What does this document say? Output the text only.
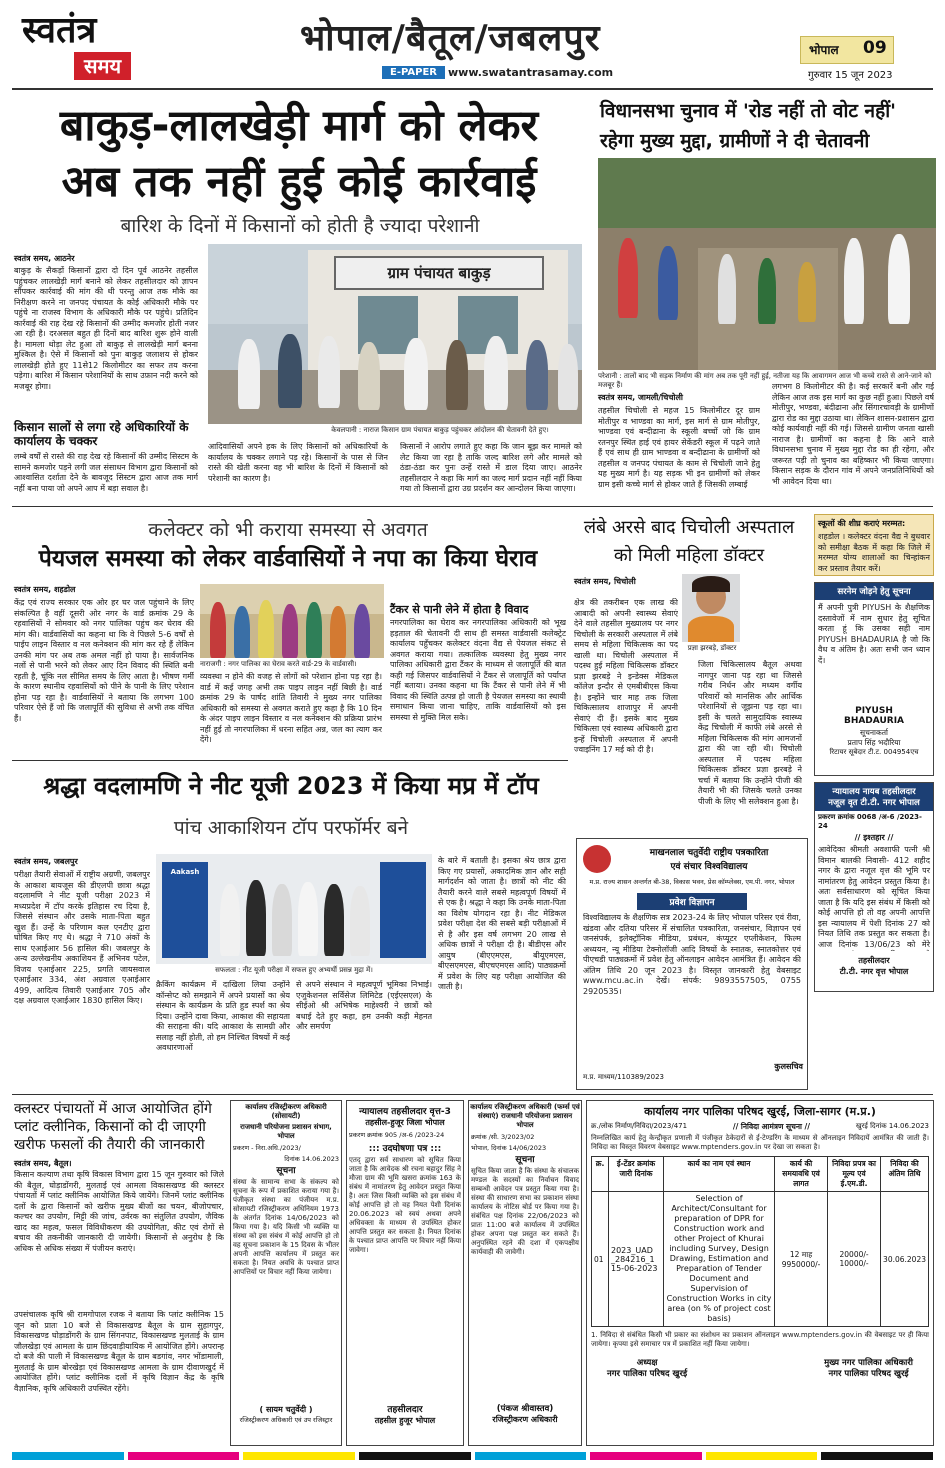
स्वतंत्र
समय
भोपाल/बैतूल/जबलपुर
E-PAPER	www.swatantrasamay.com
भोपाल 09
गुरुवार 15 जून 2023
बाकुड़-लालखेड़ी मार्ग को लेकर
अब तक नहीं हुई कोई कार्रवाई
बारिश के दिनों में किसानों को होती है ज्यादा परेशानी
स्वतंत्र समय, आठनेर
बाकुड़ के सैकड़ों किसानों द्वारा दो दिन पूर्व आठनेर तहसील पहुंचकर लालखेड़ी मार्ग बनाने को लेकर तहसीलदार को ज्ञापन सौंपकर कार्रवाई की मांग की थी परन्तु आज तक मौके का निरीक्षण करने ना जनपद पंचायत के कोई अधिकारी मौके पर पहुंचे ना राजस्व विभाग के अधिकारी मौके पर पहुंचे। प्रतिदिन कार्रवाई की राह देख रहे किसानों की उम्मीद कमजोर होती नजर आ रही है। दरअसल बहुत ही दिनों बाद बारिश शुरू होने वाली है। मामला थोड़ा लेट हुआ तो बाकुड़ से लालखेड़ी मार्ग बनना मुश्किल है। ऐसे में किसानों को पुनः बाकुड़ जलाशय से होकर लालखेड़ी होते हुए 11से12 किलोमीटर का सफर तय करना पड़ेगा। बारिश में किसान परेशानियों के साथ उफ़ान नदी करने को मजबूर होगा।
किसान सालों से लगा रहे अधिकारियों के कार्यालय के चक्कर
लम्बे वर्षों से रास्ते की राह देख रहे किसानों की उम्मीद सिस्टम के सामने कमजोर पड़ने लगी जल संसाधन विभाग द्वारा किसानों को आश्वासित दर्शाता देने के बावजूद सिस्टम द्वारा आज तक मार्ग नहीं बना पाया जो अपने आप में बड़ा सवाल है।
ग्राम पंचायत बाकुड़
केवलपानी : नाराज किसान ग्राम पंचायत बाकुड़ पहुंचकर आंदोलन की चेतावनी देते हुए।
आदिवासियों अपने हक के लिए किसानों को अधिकारियों के कार्यालय के चक्कर लगाने पड़ रहे। किसानों के पास से जिन रास्ते की खेती करना वह भी बारिश के दिनों में किसानों को परेशानी का कारण है।
किसानों ने आरोप लगाते हुए कहा कि जान बूझ कर मामले को लेट किया जा रहा है ताकि जल्द बारिश लगे और मामले को ठंडा-ठंडा कर पुनः उन्हें रास्ते में डाल दिया जाए। आठनेर तहसीलदार ने कहा कि मार्ग का जल्द मार्ग प्रदान नहीं नहीं किया गया तो किसानों द्वारा उग्र प्रदर्शन कर आन्दोलन किया जाएगा।
विधानसभा चुनाव में 'रोड नहीं तो वोट नहीं'
रहेगा मुख्य मुद्दा, ग्रामीणों ने दी चेतावनी
परेशानी : तालों बाद भी सड़क निर्माण की मांग अब तक पूरी नहीं हुई, नतीजा यह कि आवागमन आज भी कच्चे रास्ते से आने-जाने को मजबूर हैं।
स्वतंत्र समय, जामली/चिचोली
तहसील चिचोली से महज 15 किलोमीटर दूर ग्राम मोतीपुर व भाण्डवा का मार्ग, इस मार्ग से ग्राम मोतीपुर, भाण्डवा एवं बन्दीढाना के स्कूली बच्चों जो कि ग्राम रतनपुर स्थित हाई एवं हायर सेकेंडरी स्कूल में पढ़ने जाते हैं एवं साथ ही ग्राम भाण्डवा व बन्दीढाना के ग्रामीणों को तहसील व जनपद पंचायत के काम से चिचोली जाने हेतु यह मुख्य मार्ग है। यह सड़क भी इन ग्रामीणों को लेकर ग्राम इसी कच्चे मार्ग से होकर जाते हैं जिसकी लम्बाई
लगभग 8 किलोमीटर की है। कई सरकारें बनी और गई लेकिन आज तक इस मार्ग का कुछ नहीं हुआ। पिछले वर्ष मोतीपुर, भण्डवा, बंदीढाना और सिंगारचावड़ी के ग्रामीणों द्वारा रोड का मुद्दा उठाया था। लेकिन शासन-प्रशासन द्वारा कोई कार्यवाही नहीं की गई। जिससे ग्रामीण जनता खासी नाराज है। ग्रामीणों का कहना है कि आने वाले विधानसभा चुनाव में मुख्य मुद्दा रोड का ही रहेगा, और जरूरत पड़ी तो चुनाव का बहिष्कार भी किया जाएगा। किसान सड़क के दौरान गांव में अपने जनप्रतिनिधियों को भी आवेदन दिया था।
कलेक्टर को भी कराया समस्या से अवगत
पेयजल समस्या को लेकर वार्डवासियों ने नपा का किया घेराव
स्वतंत्र समय, शहडोल
केंद्र एवं राज्य सरकार एक ओर हर घर जल पहुंचाने के लिए संकल्पित है वहीं दूसरी ओर नगर के वार्ड क्रमांक 29 के रहवासियों ने सोमवार को नगर पालिका पहुंच कर घेराव की मांग की। वार्डवासियों का कहना था कि वे पिछले 5-6 वर्षों से पाईप लाइन विस्तार व नल कनेक्शन की मांग कर रहे हैं लेकिन उनकी मांग पर अब तक अमल नहीं हो पाया है। सार्वजनिक नलों से पानी भरने को लेकर आए दिन विवाद की स्थिति बनी रहती है, चूंकि नल सीमित समय के लिए आता है। भीषण गर्मी के कारण स्थानीय रहवासियों को पीने के पानी के लिए परेशान होना पड़ रहा है। वार्डवासियों ने बताया कि लगभग 100 परिवार ऐसे हैं जो कि जलापूर्ति की सुविधा से अभी तक वंचित हैं।
नाराजगी : नगर पालिका का घेराव करते वार्ड-29 के वार्डवासी।
व्यवस्था न होने की वजह से लोगों को परेशान होना पड़ रहा है। वार्ड में कई जगह अभी तक पाइप लाइन नहीं बिछी है। वार्ड क्रमांक 29 के पार्षद शांति तिवारी ने मुख्य नगर पालिका अधिकारी को समस्या से अवगत कराते हुए कहा है कि 10 दिन के अंदर पाइप लाइन विस्तार व नल कनेक्शन की प्रक्रिया प्रारंभ नहीं हुई तो नगरपालिका में धरना सहित अन्न, जल का त्याग कर देंगे।
टैंकर से पानी लेने में होता है विवाद
नगरपालिका का घेराव कर नगरपालिका अधिकारी को भूख हड़ताल की चेतावनी दी साथ ही समस्त वार्डवासी कलेक्ट्रेट कार्यालय पहुँचकर कलेक्टर वंदना वैद्य से पेयजल संकट से अवगत कराया गया। तत्कालिक व्यवस्था हेतु मुख्य नगर पालिका अधिकारी द्वारा टैंकर के माध्यम से जलापूर्ति की बात कही गई जिसपर वार्डवासियों ने टैंकर से जलापूर्ति को पर्याप्त नहीं बताया। उनका कहना था कि टैंकर से पानी लेने में भी विवाद की स्थिति उत्पन्न हो जाती है पेयजल समस्या का स्थायी समाधान किया जाना चाहिए, ताकि वार्डवासियों को इस समस्या से मुक्ति मिल सके।
लंबे अरसे बाद चिचोली अस्पताल
को मिली महिला डॉक्टर
स्वतंत्र समय, चिचोली
प्रज्ञा झरबड़े, डॉक्टर
क्षेत्र की तकरीबन एक लाख की आबादी को अपनी स्वास्थ्य सेवाएं देने वाले तहसील मुख्यालय पर नगर चिचोली के सरकारी अस्पताल में लंबे समय से महिला चिकित्सक का पद खाली था। चिचोली अस्पताल में पदस्थ हुई महिला चिकित्सक डॉक्टर प्रज्ञा झरबड़े ने इन्डेक्स मेडिकल कॉलेज इन्दौर से एमबीबीएस किया है। इन्होंने चार माह तक जिला चिकित्सालय शाजापुर में अपनी सेवाएं दी हैं। इसके बाद मुख्य चिकित्सा एवं स्वास्थ्य अधिकारी द्वारा इन्हें चिचोली अस्पताल में अपनी ज्वाइनिंग 17 मई को दी है।
जिला चिकित्सालय बैतूल अथवा नागपुर जाना पड़ रहा था जिससे गरीब निर्धन और मध्यम वर्गीय परिवारों को मानसिक और आर्थिक परेशानियों से जूझना पड़ रहा था। इसी के चलते सामुदायिक स्वास्थ्य केंद्र चिचोली में काफी लंबे अरसे से महिला चिकित्सक की मांग आमजनों द्वारा की जा रही थी। चिचोली अस्पताल में पदस्थ महिला चिकित्सक डॉक्टर प्रज्ञा झरबड़े ने चर्चा में बताया कि उन्होंने पीजी की तैयारी भी की जिसके चलते उनका पीजी के लिए भी सलेक्शन हुआ है।
स्कूलों की शीघ्र कराएं मरम्मत:
शहडोल । कलेक्टर वंदना वैद्य ने बुधवार को समीक्षा बैठक में कहा कि जिले में मरम्मत योग्य शालाओं का चिन्हांकन कर प्रस्ताव तैयार करें।
सरनेम जोड़ने हेतु सूचना
मैं अपनी पुत्री PIYUSH के शैक्षणिक दस्तावेजों में नाम सुधार हेतु सूचित करता हूं कि उसका सही नाम PIYUSH BHADAURIA है जो कि वैध व अंतिम है। अतः सभी जन ध्यान दें।
PIYUSH
BHADAURIA
सूचनाकर्ता
प्रताप सिंह भदौरिया
रिटायर सूबेदार टी.ट. 004954एच
न्यायालय नायब तहसीलदार
नजूल वृत टी.टी. नगर भोपाल
प्रकरण क्रमांक 0068 /अ-6 /2023-24
// इश्तहार //
आवेदिका श्रीमती अवशाफी पत्नी श्री विमान बालकी निवासी- 412 शहीद नगर के द्वारा नजूल वृत्त की भूमि पर नामांतरण हेतु आवेदन प्रस्तुत किया है। अतः सर्वसाधारण को सूचित किया जाता है कि यदि इस संबंध में किसी को कोई आपत्ति हो तो वह अपनी आपत्ति इस न्यायालय में पेशी दिनांक 27 को नियत तिथि तक प्रस्तुत कर सकता है। आज दिनांक 13/06/23 को मेरे
तहसीलदार
टी.टी. नगर वृत्त भोपाल
श्रद्धा वदलामणि ने नीट यूजी 2023 में किया मप्र में टॉप
पांच आकाशियन टॉप परफॉर्मर बने
स्वतंत्र समय, जबलपुर
परीक्षा तैयारी सेवाओं में राष्ट्रीय अग्रणी, जबलपुर के आकाश बायजूस की डीएलपी छात्रा श्रद्धा वदलामणि ने नीट यूजी परीक्षा 2023 में मध्यप्रदेश में टॉप करके इतिहास रच दिया है, जिससे संस्थान और उसके माता-पिता बहुत खुश हैं। उन्हें के परिणाम कल एनटीए द्वारा घोषित किए गए थे। श्रद्धा ने 710 अंकों के साथ एआईआर 56 हासिल की। जबलपुर के अन्य उल्लेखनीय अकाशियन हैं अभिनव पटेल, विजय एआईआर 225, प्रगति जायसवाल एआईआर 334, अंश अग्रवाल एआईआर 499, आदित्य तिवारी एआईआर 705 और दक्ष अग्रवाल एआईआर 1830 हासिल किए।
Aakash
सफलता : नीट यूजी परीक्षा में सफल हुए अभ्यर्थी प्रसन्न मुद्रा में।
क्रैकिंग कार्यक्रम में दाखिला लिया उन्होंने कॉन्सेप्ट को समझाने में अपने प्रयासों का श्रेय संस्थान के कार्यक्रम के प्रति हुड स्पर्श का श्रेय दिया। उन्होंने दावा किया, आकाश की सहायता की सराहना की। यदि आकाश के सामग्री और सलाह नहीं होती, तो हम निश्चित विषयों में कई अवधारणाओं
से अपने संस्थान ने महत्वपूर्ण भूमिका निभाई। एजुकेशनल सर्विसेज लिमिटेड (एईएसएल) के सीईओ श्री अभिषेक माहेश्वरी ने छात्रों को बधाई देते हुए कहा, हम उनकी कड़ी मेहनत और समर्पण
के बारे में बताती है। इसका श्रेय छात्र द्वारा किए गए प्रयासों, अकादमिक ज्ञान और सही मार्गदर्शन को जाता है। छात्रों को नीट की तैयारी करने वाले सबसे महत्वपूर्ण विषयों में से एक है। श्रद्धा ने कहा कि उनके माता-पिता का विशेष योगदान रहा है। नीट मेडिकल प्रवेश परीक्षा देश की सबसे बड़ी परीक्षाओं में से है और इस वर्ष लगभग 20 लाख से अधिक छात्रों ने परीक्षा दी है। बीडीएस और आयुष (बीएएमएस, बीयूएमएस, बीएसएमएस, बीएचएमएस आदि) पाठ्यक्रमों में प्रवेश के लिए यह परीक्षा आयोजित की जाती है।
माखनलाल चतुर्वेदी राष्ट्रीय पत्रकारिता
एवं संचार विश्वविद्यालय
म.प्र. राज्य शासन अन्तर्गत बी-38, विकास भवन, प्रेस कॉम्प्लेक्स, एम.पी. नगर, भोपाल
प्रवेश विज्ञापन
विश्वविद्यालय के शैक्षणिक सत्र 2023-24 के लिए भोपाल परिसर एवं रीवा, खंडवा और दतिया परिसर में संचालित पत्रकारिता, जनसंचार, विज्ञापन एवं जनसंपर्क, इलेक्ट्रॉनिक मीडिया, प्रबंधन, कंप्यूटर एप्लीकेशन, फिल्म अध्ययन, न्यू मीडिया टेक्नोलॉजी आदि विषयों के स्नातक, स्नातकोत्तर एवं पीएचडी पाठ्यक्रमों में प्रवेश हेतु ऑनलाइन आवेदन आमंत्रित हैं। आवेदन की अंतिम तिथि 20 जून 2023 है। विस्तृत जानकारी हेतु वेबसाइट www.mcu.ac.in देखें। संपर्क: 9893557505, 0755 2920535।
कुलसचिव
म.प्र. माध्यम/110389/2023
क्लस्टर पंचायतों में आज आयोजित होंगे
प्लांट क्लीनिक, किसानों को दी जाएगी
खरीफ फसलों की तैयारी की जानकारी
स्वतंत्र समय, बैतूल।
किसान कल्याण तथा कृषि विकास विभाग द्वारा 15 जून गुरुवार को जिले की बैतूल, घोड़ाडोंगरी, मुलताई एवं आमला विकासखण्ड की क्लस्टर पंचायतों में प्लांट क्लीनिक आयोजित किये जायेंगे। जिनमें प्लांट क्लीनिक दलों के द्वारा किसानों को खरीफ मुख्य बीजों का चयन, बीजोपचार, कल्चर का उपयोग, मिट्टी की जांच, उर्वरक का संतुलित उपयोग, जैविक खाद का महत्व, फसल विविधीकरण की उपयोगिता, कीट एवं रोगों से बचाव की तकनीकी जानकारी दी जायेगी। किसानों से अनुरोध है कि अधिक से अधिक संख्या में पंजीयन कराएं।
उपसंचालक कृषि श्री रामगोपाल रजक ने बताया कि प्लांट क्लीनिक 15 जून को प्रातः 10 बजे से विकासखण्ड बैतूल के ग्राम सुहागपुर, विकासखण्ड घोड़ाडोंगरी के ग्राम सिंगनपाट, विकासखण्ड मुलताई के ग्राम जौलखेड़ा एवं आमला के ग्राम छिंदवाड़ीयायिक में आयोजित होंगे। अपरान्ह दो बजे की पाली में विकासखण्ड बैतूल के ग्राम बडगांव, नगर भोंडामाली, मुलताई के ग्राम बोरखेड़ा एवं विकासखण्ड आमला के ग्राम दीवाणखुर्द में आयोजित होंगे। प्लांट क्लीनिक दलों में कृषि विज्ञान केंद्र के कृषि वैज्ञानिक, कृषि अधिकारी उपस्थित रहेंगे।
कार्यालय रजिस्ट्रीकरण अधिकारी (सोसायटी)
राजधानी परियोजना प्रशासन संभाग, भोपाल
प्रकरण - निरा.अधि./2023/
दिनांक 14.06.2023
सूचना
संस्था के सामान्य सभा के संकल्प को सूचना के रूप में प्रकाशित कराया गया है। पंजीकृत संस्था का पंजीयन म.प्र. सोसायटी रजिस्ट्रीकरण अधिनियम 1973 के अंतर्गत दिनांक 14/06/2023 को किया गया है। यदि किसी भी व्यक्ति या संस्था को इस संबंध में कोई आपत्ति हो तो वह सूचना प्रकाशन के 15 दिवस के भीतर अपनी आपत्ति कार्यालय में प्रस्तुत कर सकता है। नियत अवधि के पश्चात प्राप्त आपत्तियों पर विचार नहीं किया जायेगा।
( सायम चतुर्वेदी )
रजिस्ट्रीकरण अधिकारी एवं उप रजिस्ट्रार
न्यायालय तहसीलदार वृत्त-3
तहसील-हुजूर जिला भोपाल
प्रकरण क्रमांक 905 /अ-6 /2023-24
::: उदघोषणा पत्र :::
एतद् द्वारा सर्व साधारण को सूचित किया जाता है कि आवेदक श्री रचना बहादुर सिंह ने मौजा ग्राम की भूमि खसरा क्रमांक 163 के संबंध में नामांतरण हेतु आवेदन प्रस्तुत किया है। अतः जिस किसी व्यक्ति को इस संबंध में कोई आपत्ति हो तो वह नियत पेशी दिनांक 20.06.2023 को स्वयं अथवा अपने अधिवक्ता के माध्यम से उपस्थित होकर आपत्ति प्रस्तुत कर सकता है। नियत दिनांक के पश्चात प्राप्त आपत्ति पर विचार नहीं किया जावेगा।
तहसीलदार
तहसील हुजूर भोपाल
कार्यालय रजिस्ट्रीकरण अधिकारी (फर्म्स एवं
संस्थाएं) राजधानी परियोजना प्रशासन भोपाल
क्रमांक /सी. 3/2023/02
भोपाल, दिनांक 14/06/2023
सूचना
सूचित किया जाता है कि संस्था के संचालक मण्डल के सदस्यों का निर्वाचन विवाद सम्बन्धी आवेदन पत्र प्रस्तुत किया गया है। संस्था की साधारण सभा का प्रकाशन संस्था कार्यालय के नोटिस बोर्ड पर किया गया है। संबंधित पक्ष दिनांक 22/06/2023 को प्रातः 11:00 बजे कार्यालय में उपस्थित होकर अपना पक्ष प्रस्तुत कर सकते हैं। अनुपस्थित रहने की दशा में एकपक्षीय कार्यवाही की जावेगी।
(पंकज श्रीवास्तव)
रजिस्ट्रीकरण अधिकारी
कार्यालय नगर पालिका परिषद खुरई, जिला-सागर (म.प्र.)
क्र./लोक निर्माण/निविदा/2023/471	// निविदा आमंत्रण सूचना //	खुरई दिनांक 14.06.2023
निम्नलिखित कार्य हेतु केन्द्रीकृत प्रणाली में पंजीकृत ठेकेदारों से ई-टेण्डरिंग के माध्यम से ऑनलाइन निविदायें आमंत्रित की जाती हैं। निविदा का विस्तृत विवरण वेबसाइट www.mptenders.gov.in पर देखा जा सकता है।
क्र.	ई-टेंडर क्रमांक जारी दिनांक	कार्य का नाम एवं स्थान	कार्य की समयावधि एवं लागत	निविदा प्रपत्र का मूल्य एवं ई.एम.डी.	निविदा की अंतिम तिथि
01	2023_UAD _284216_1 15-06-2023	Selection of Architect/Consultant for preparation of DPR for Construction work and other Project of Khurai including Survey, Design Drawing, Estimation and Preparation of Tender Document and Supervision of Construction Works in city area (on % of project cost basis)	12 माह 9950000/-	20000/- 10000/-	30.06.2023
1. निविदा से संबंधित किसी भी प्रकार का संशोधन का प्रकाशन ऑनलाइन www.mptenders.gov.in की वेबसाइट पर ही किया जायेगा। कृपया इसे समाचार पत्र में प्रकाशित नहीं किया जायेगा।
अध्यक्ष
नगर पालिका परिषद खुरई
मुख्य नगर पालिका अधिकारी
नगर पालिका परिषद खुरई
